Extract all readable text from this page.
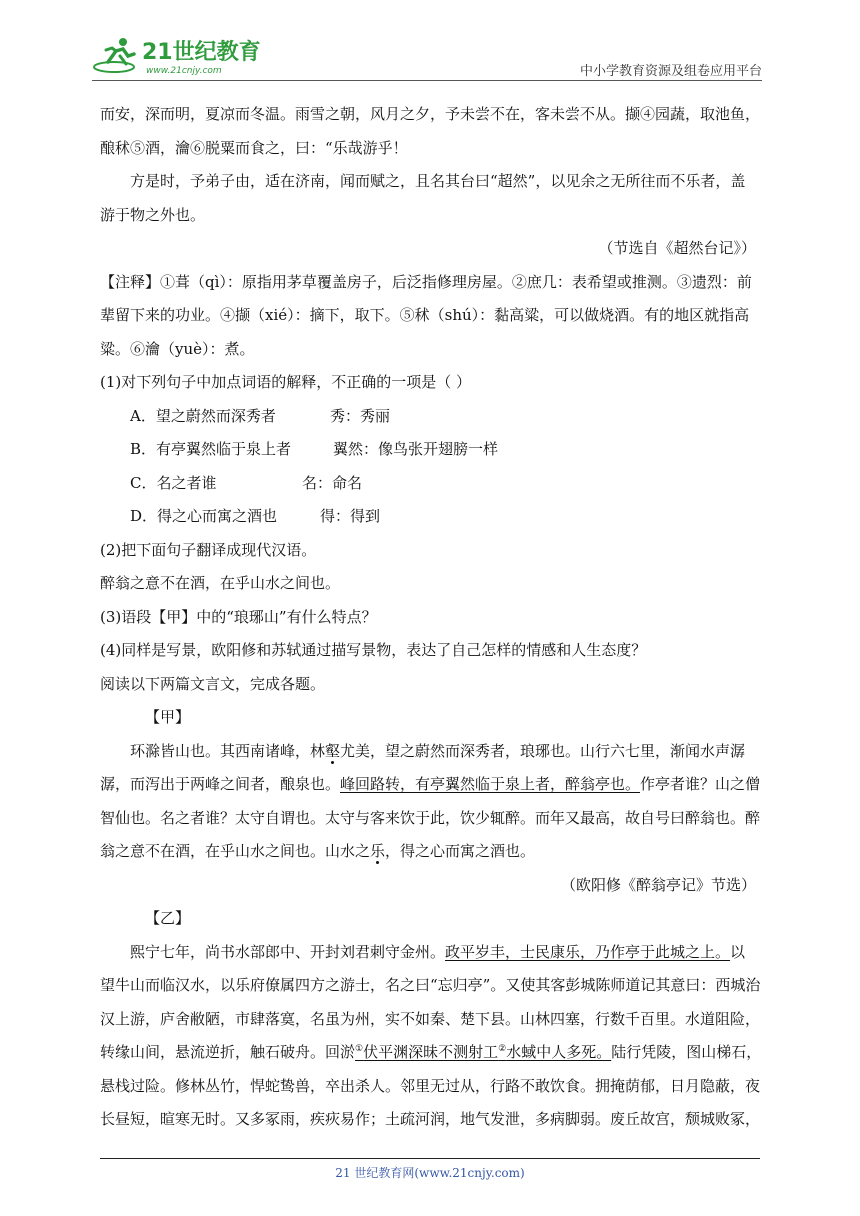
21世纪教育
www.21cnjy.com	中小学教育资源及组卷应用平台
而安，深而明，夏凉而冬温。雨雪之朝，风月之夕，予未尝不在，客未尝不从。撷④园蔬，取池鱼，
酿秫⑤酒，瀹⑥脱粟而食之，曰：“乐哉游乎！
方是时，予弟子由，适在济南，闻而赋之，且名其台曰“超然”，以见余之无所往而不乐者，盖
游于物之外也。
（节选自《超然台记》）
【注释】①葺（qì）：原指用茅草覆盖房子，后泛指修理房屋。②庶几：表希望或推测。③遗烈：前
辈留下来的功业。④撷（xié）：摘下，取下。⑤秫（shú）：黏高粱，可以做烧酒。有的地区就指高
粱。⑥瀹（yuè）：煮。
(1)对下列句子中加点词语的解释，不正确的一项是（ ）
A．望之蔚然而深秀者	秀：秀丽
B．有亭翼然临于泉上者	翼然：像鸟张开翅膀一样
C．名之者谁	名：命名
D．得之心而寓之酒也	得：得到
(2)把下面句子翻译成现代汉语。
醉翁之意不在酒，在乎山水之间也。
(3)语段【甲】中的“琅琊山”有什么特点？
(4)同样是写景，欧阳修和苏轼通过描写景物，表达了自己怎样的情感和人生态度？
阅读以下两篇文言文，完成各题。
【甲】
环滁皆山也。其西南诸峰，林壑尤美，望之蔚然而深秀者，琅琊也。山行六七里，渐闻水声潺
潺，而泻出于两峰之间者，酿泉也。峰回路转，有亭翼然临于泉上者，醉翁亭也。作亭者谁？山之僧
智仙也。名之者谁？太守自谓也。太守与客来饮于此，饮少辄醉。而年又最高，故自号曰醉翁也。醉
翁之意不在酒，在乎山水之间也。山水之乐，得之心而寓之酒也。
（欧阳修《醉翁亭记》节选）
【乙】
熙宁七年，尚书水部郎中、开封刘君刺守金州。政平岁丰，士民康乐，乃作亭于此城之上。以
望牛山而临汉水，以乐府僚属四方之游士，名之曰“忘归亭”。又使其客彭城陈师道记其意曰：西城治
汉上游，庐舍敝陋，市肆落寞，名虽为州，实不如秦、楚下县。山林四塞，行数千百里。水道阻险，
转缘山间，悬流逆折，触石破舟。回淤①伏平渊深昧不测射工②水蜮中人多死。陆行凭陵，图山梯石，
悬栈过险。修林丛竹，悍蛇鸷兽，卒出杀人。邻里无过从，行路不敢饮食。拥掩荫郁，日月隐蔽，夜
长昼短，暄寒无时。又多冢雨，疾疢易作；土疏河润，地气发泄，多病脚弱。废丘故宫，颓城败冢，
21 世纪教育网(www.21cnjy.com)
